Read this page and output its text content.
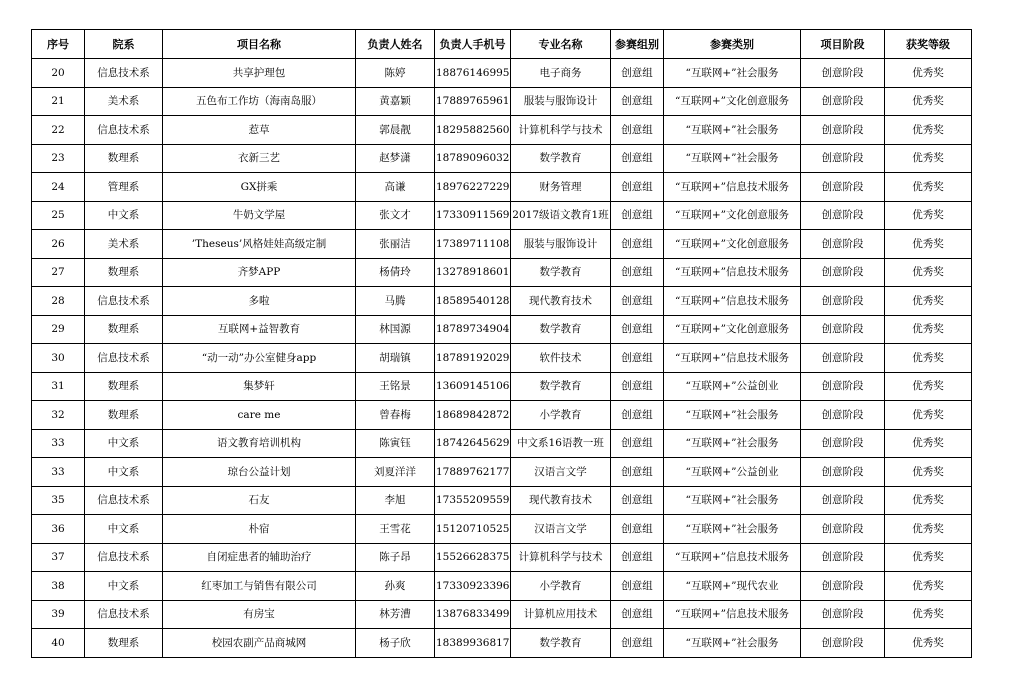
序号	院系	项目名称	负责人姓名	负责人手机号	专业名称	参赛组别	参赛类别	项目阶段	获奖等级
20	信息技术系	共享护理包	陈婷	18876146995	电子商务	创意组	“互联网+”社会服务	创意阶段	优秀奖
21	美术系	五色布工作坊（海南岛服）	黄嘉颖	17889765961	服装与服饰设计	创意组	“互联网+”文化创意服务	创意阶段	优秀奖
22	信息技术系	惹草	郭晨靓	18295882560	计算机科学与技术	创意组	“互联网+”社会服务	创意阶段	优秀奖
23	数理系	衣新三艺	赵梦潇	18789096032	数学教育	创意组	“互联网+”社会服务	创意阶段	优秀奖
24	管理系	GX拼乘	高谦	18976227229	财务管理	创意组	“互联网+”信息技术服务	创意阶段	优秀奖
25	中文系	牛奶文学屋	张文才	17330911569	2017级语文教育1班	创意组	“互联网+”文化创意服务	创意阶段	优秀奖
26	美术系	’Theseus’风格娃娃高级定制	张丽洁	17389711108	服装与服饰设计	创意组	“互联网+”文化创意服务	创意阶段	优秀奖
27	数理系	齐梦APP	杨倩玲	13278918601	数学教育	创意组	“互联网+”信息技术服务	创意阶段	优秀奖
28	信息技术系	多啦	马腾	18589540128	现代教育技术	创意组	“互联网+”信息技术服务	创意阶段	优秀奖
29	数理系	互联网+益智教育	林国源	18789734904	数学教育	创意组	“互联网+”文化创意服务	创意阶段	优秀奖
30	信息技术系	“动一动”办公室健身app	胡瑞镇	18789192029	软件技术	创意组	“互联网+”信息技术服务	创意阶段	优秀奖
31	数理系	集梦轩	王铭景	13609145106	数学教育	创意组	“互联网+”公益创业	创意阶段	优秀奖
32	数理系	care me	曾春梅	18689842872	小学教育	创意组	“互联网+”社会服务	创意阶段	优秀奖
33	中文系	语文教育培训机构	陈寅钰	18742645629	中文系16语教一班	创意组	“互联网+”社会服务	创意阶段	优秀奖
33	中文系	琼台公益计划	刘夏洋洋	17889762177	汉语言文学	创意组	“互联网+”公益创业	创意阶段	优秀奖
35	信息技术系	石友	李旭	17355209559	现代教育技术	创意组	“互联网+”社会服务	创意阶段	优秀奖
36	中文系	朴宿	王雪花	15120710525	汉语言文学	创意组	“互联网+”社会服务	创意阶段	优秀奖
37	信息技术系	自闭症患者的辅助治疗	陈子昂	15526628375	计算机科学与技术	创意组	“互联网+”信息技术服务	创意阶段	优秀奖
38	中文系	红枣加工与销售有限公司	孙爽	17330923396	小学教育	创意组	“互联网+”现代农业	创意阶段	优秀奖
39	信息技术系	有房宝	林芳漕	13876833499	计算机应用技术	创意组	“互联网+”信息技术服务	创意阶段	优秀奖
40	数理系	校园农副产品商城网	杨子欣	18389936817	数学教育	创意组	“互联网+”社会服务	创意阶段	优秀奖
